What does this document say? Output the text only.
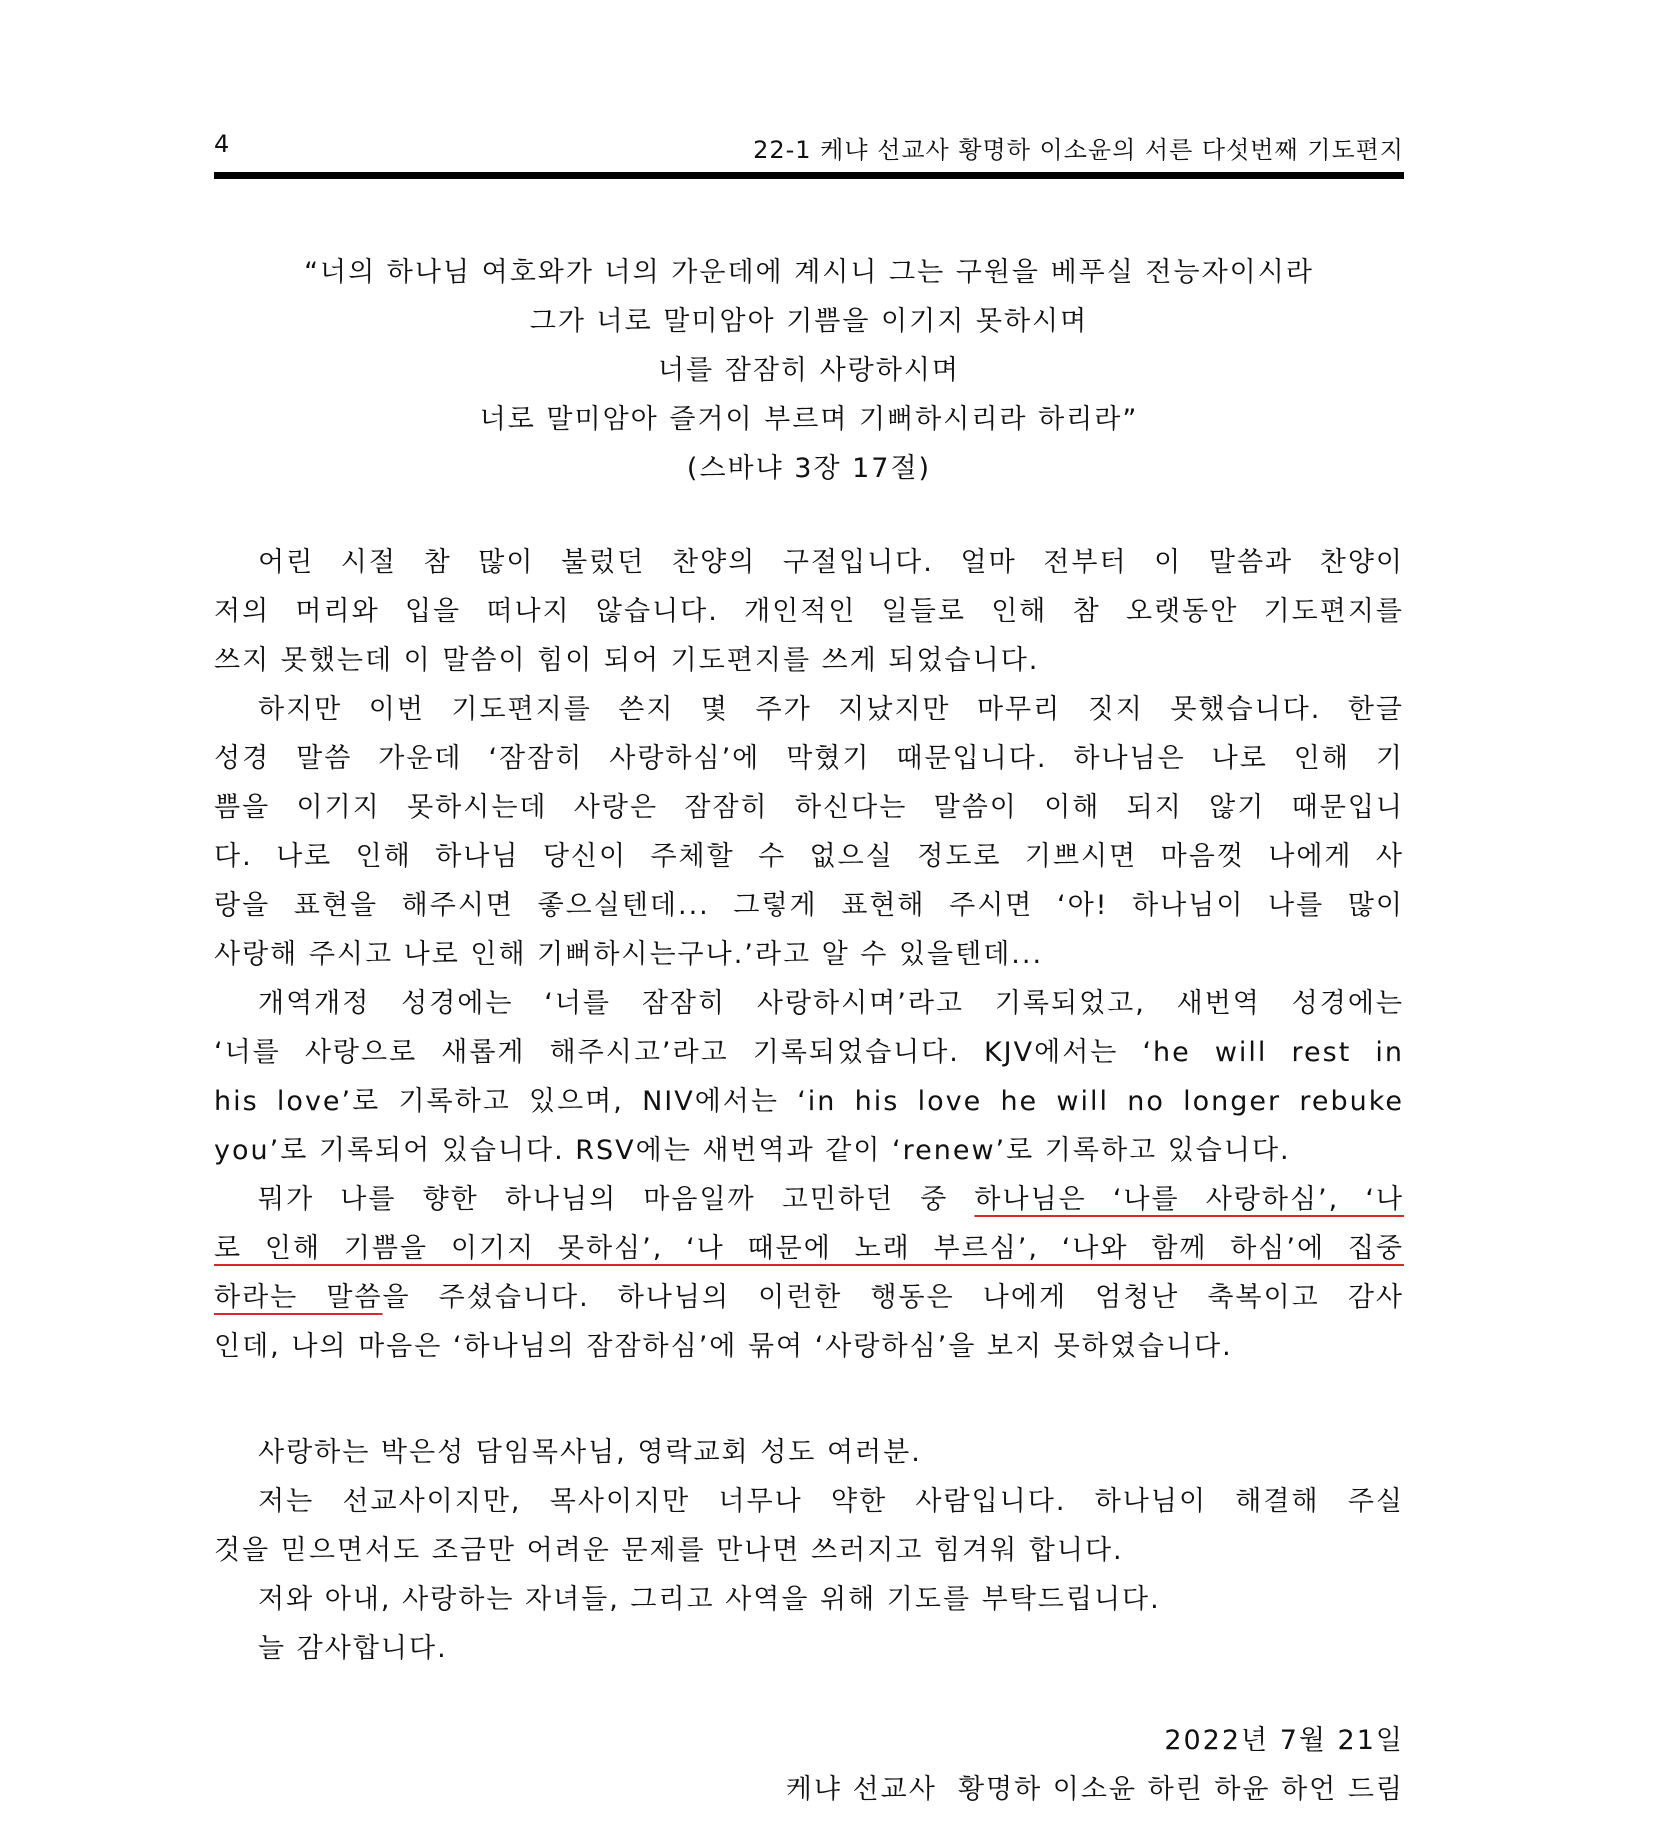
4	22-1 케냐 선교사 황명하 이소윤의 서른 다섯번째 기도편지
“너의 하나님 여호와가 너의 가운데에 계시니 그는 구원을 베푸실 전능자이시라
그가 너로 말미암아 기쁨을 이기지 못하시며
너를 잠잠히 사랑하시며
너로 말미암아 즐거이 부르며 기뻐하시리라 하리라”
(스바냐 3장 17절)
어린 시절 참 많이 불렀던 찬양의 구절입니다. 얼마 전부터 이 말씀과 찬양이
저의 머리와 입을 떠나지 않습니다. 개인적인 일들로 인해 참 오랫동안 기도편지를
쓰지 못했는데 이 말씀이 힘이 되어 기도편지를 쓰게 되었습니다.
하지만 이번 기도편지를 쓴지 몇 주가 지났지만 마무리 짓지 못했습니다. 한글
성경 말씀 가운데 ‘잠잠히 사랑하심’에 막혔기 때문입니다. 하나님은 나로 인해 기
쁨을 이기지 못하시는데 사랑은 잠잠히 하신다는 말씀이 이해 되지 않기 때문입니
다. 나로 인해 하나님 당신이 주체할 수 없으실 정도로 기쁘시면 마음껏 나에게 사
랑을 표현을 해주시면 좋으실텐데... 그렇게 표현해 주시면 ‘아! 하나님이 나를 많이
사랑해 주시고 나로 인해 기뻐하시는구나.’라고 알 수 있을텐데...
개역개정 성경에는 ‘너를 잠잠히 사랑하시며’라고 기록되었고, 새번역 성경에는
‘너를 사랑으로 새롭게 해주시고’라고 기록되었습니다. KJV에서는 ‘he will rest in
his love’로 기록하고 있으며, NIV에서는 ‘in his love he will no longer rebuke
you’로 기록되어 있습니다. RSV에는 새번역과 같이 ‘renew’로 기록하고 있습니다.
뭐가 나를 향한 하나님의 마음일까 고민하던 중 하나님은 ‘나를 사랑하심’, ‘나
로 인해 기쁨을 이기지 못하심’, ‘나 때문에 노래 부르심’, ‘나와 함께 하심’에 집중
하라는 말씀을 주셨습니다. 하나님의 이런한 행동은 나에게 엄청난 축복이고 감사
인데, 나의 마음은 ‘하나님의 잠잠하심’에 묶여 ‘사랑하심’을 보지 못하였습니다.
사랑하는 박은성 담임목사님, 영락교회 성도 여러분.
저는 선교사이지만, 목사이지만 너무나 약한 사람입니다. 하나님이 해결해 주실
것을 믿으면서도 조금만 어려운 문제를 만나면 쓰러지고 힘겨워 합니다.
저와 아내, 사랑하는 자녀들, 그리고 사역을 위해 기도를 부탁드립니다.
늘 감사합니다.
2022년 7월 21일
케냐 선교사  황명하 이소윤 하린 하윤 하언 드림
